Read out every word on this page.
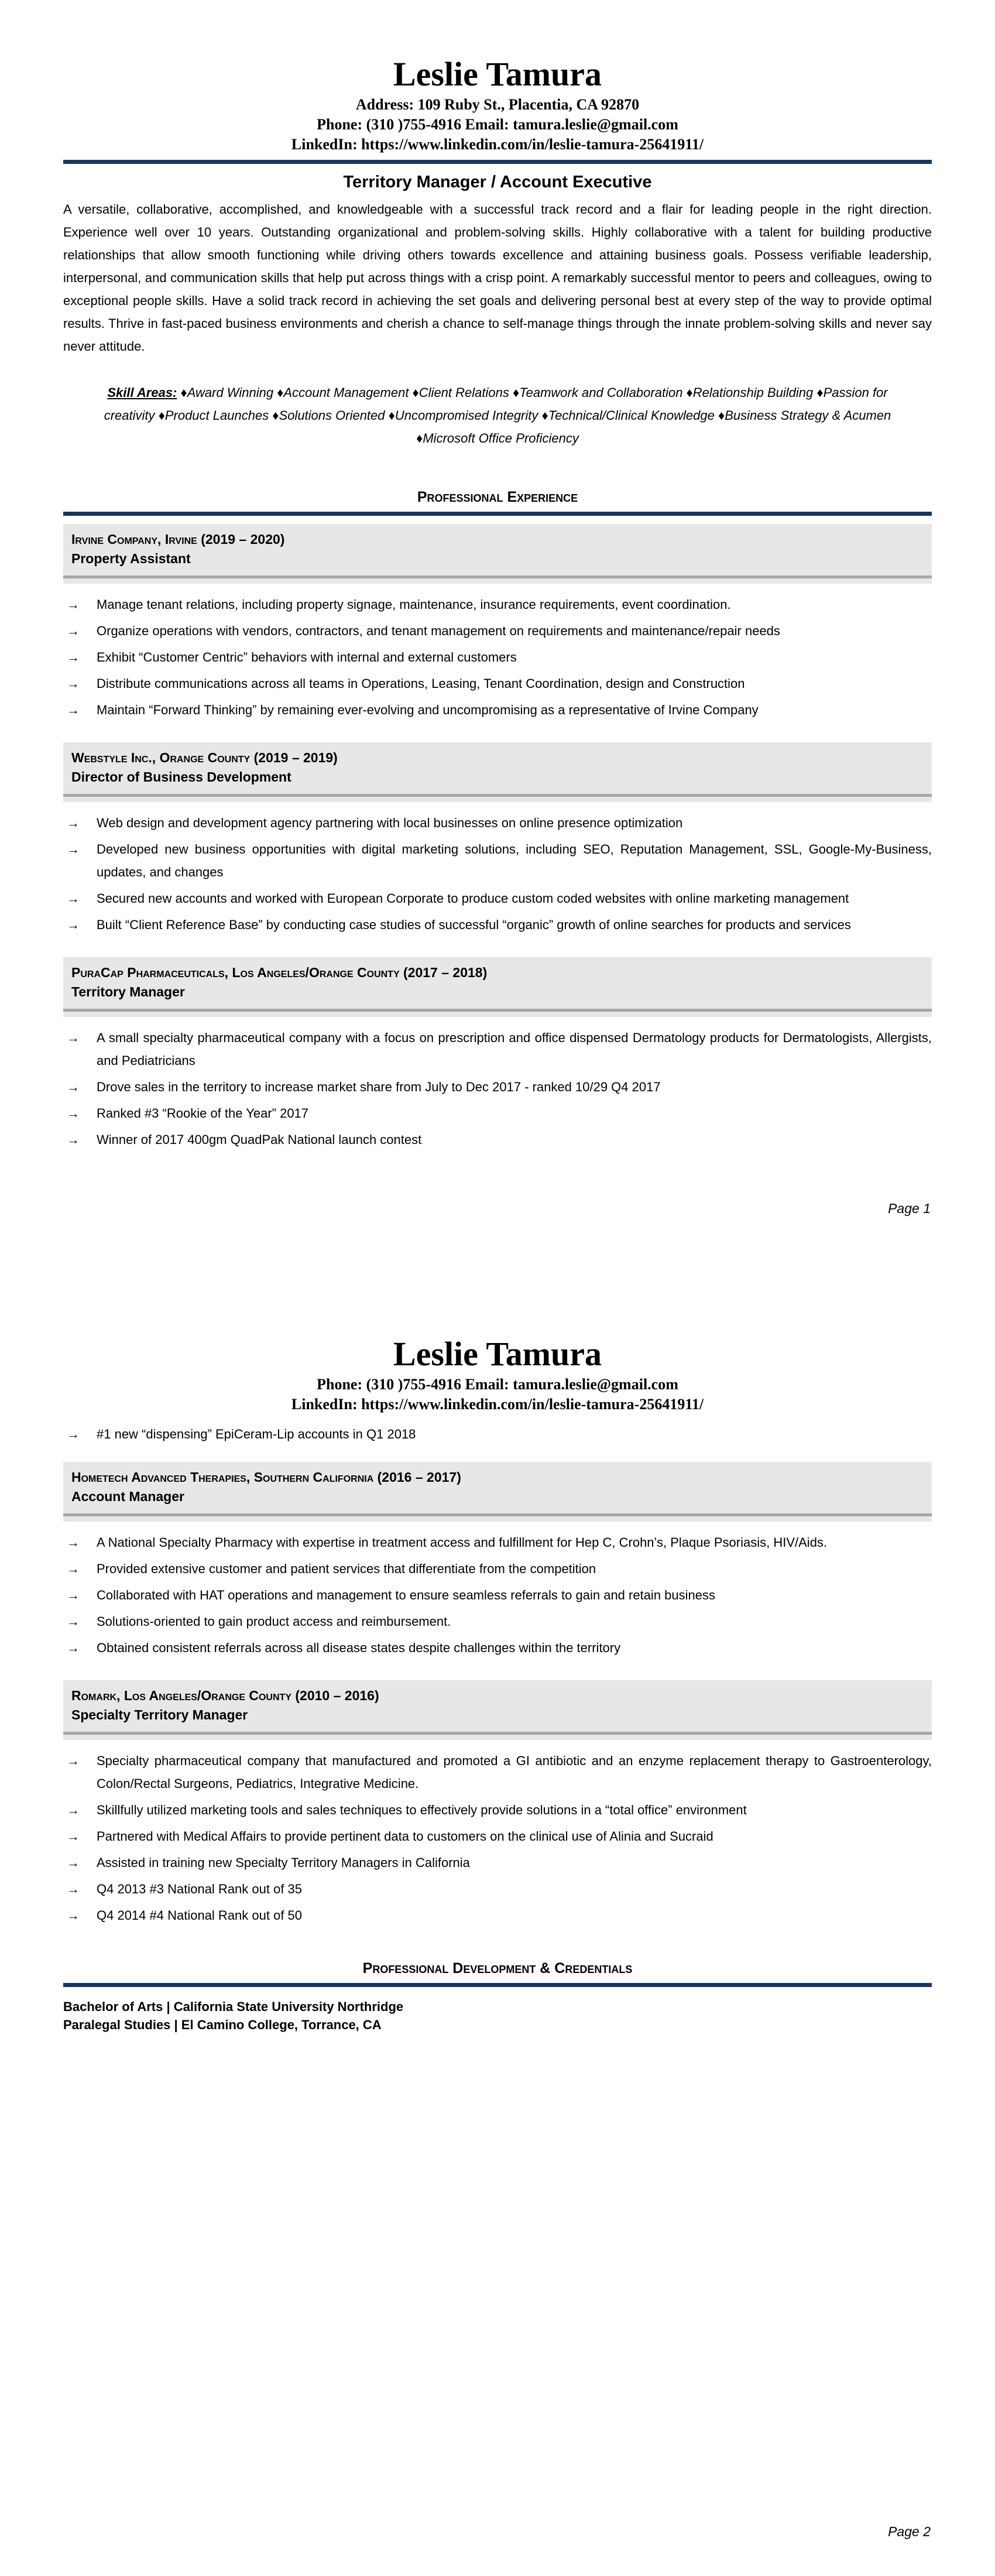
Leslie Tamura
Address: 109 Ruby St., Placentia, CA 92870
Phone: (310 )755-4916 Email: tamura.leslie@gmail.com
LinkedIn: https://www.linkedin.com/in/leslie-tamura-25641911/
Territory Manager / Account Executive
A versatile, collaborative, accomplished, and knowledgeable with a successful track record and a flair for leading people in the right direction. Experience well over 10 years. Outstanding organizational and problem-solving skills. Highly collaborative with a talent for building productive relationships that allow smooth functioning while driving others towards excellence and attaining business goals. Possess verifiable leadership, interpersonal, and communication skills that help put across things with a crisp point. A remarkably successful mentor to peers and colleagues, owing to exceptional people skills. Have a solid track record in achieving the set goals and delivering personal best at every step of the way to provide optimal results. Thrive in fast-paced business environments and cherish a chance to self-manage things through the innate problem-solving skills and never say never attitude.
Skill Areas: ♦Award Winning ♦Account Management ♦Client Relations ♦Teamwork and Collaboration ♦Relationship Building ♦Passion for creativity ♦Product Launches ♦Solutions Oriented ♦Uncompromised Integrity ♦Technical/Clinical Knowledge ♦Business Strategy & Acumen ♦Microsoft Office Proficiency
Professional Experience
Irvine Company, Irvine (2019 – 2020)
Property Assistant
→	Manage tenant relations, including property signage, maintenance, insurance requirements, event coordination.
→	Organize operations with vendors, contractors, and tenant management on requirements and maintenance/repair needs
→	Exhibit “Customer Centric” behaviors with internal and external customers
→	Distribute communications across all teams in Operations, Leasing, Tenant Coordination, design and Construction
→	Maintain “Forward Thinking” by remaining ever-evolving and uncompromising as a representative of Irvine Company
Webstyle Inc., Orange County (2019 – 2019)
Director of Business Development
→	Web design and development agency partnering with local businesses on online presence optimization
→	Developed new business opportunities with digital marketing solutions, including SEO, Reputation Management, SSL, Google-My-Business, updates, and changes
→	Secured new accounts and worked with European Corporate to produce custom coded websites with online marketing management
→	Built “Client Reference Base” by conducting case studies of successful “organic” growth of online searches for products and services
PuraCap Pharmaceuticals, Los Angeles/Orange County (2017 – 2018)
Territory Manager
→	A small specialty pharmaceutical company with a focus on prescription and office dispensed Dermatology products for Dermatologists, Allergists, and Pediatricians
→	Drove sales in the territory to increase market share from July to Dec 2017 - ranked 10/29 Q4 2017
→	Ranked #3 “Rookie of the Year” 2017
→	Winner of 2017 400gm QuadPak National launch contest
Page 1
Leslie Tamura
Phone: (310 )755-4916 Email: tamura.leslie@gmail.com
LinkedIn: https://www.linkedin.com/in/leslie-tamura-25641911/
→	#1 new “dispensing” EpiCeram-Lip accounts in Q1 2018
Hometech Advanced Therapies, Southern California (2016 – 2017)
Account Manager
→	A National Specialty Pharmacy with expertise in treatment access and fulfillment for Hep C, Crohn’s, Plaque Psoriasis, HIV/Aids.
→	Provided extensive customer and patient services that differentiate from the competition
→	Collaborated with HAT operations and management to ensure seamless referrals to gain and retain business
→	Solutions-oriented to gain product access and reimbursement.
→	Obtained consistent referrals across all disease states despite challenges within the territory
Romark, Los Angeles/Orange County (2010 – 2016)
Specialty Territory Manager
→	Specialty pharmaceutical company that manufactured and promoted a GI antibiotic and an enzyme replacement therapy to Gastroenterology, Colon/Rectal Surgeons, Pediatrics, Integrative Medicine.
→	Skillfully utilized marketing tools and sales techniques to effectively provide solutions in a “total office” environment
→	Partnered with Medical Affairs to provide pertinent data to customers on the clinical use of Alinia and Sucraid
→	Assisted in training new Specialty Territory Managers in California
→	Q4 2013 #3 National Rank out of 35
→	Q4 2014 #4 National Rank out of 50
Professional Development & Credentials
Bachelor of Arts | California State University Northridge
Paralegal Studies | El Camino College, Torrance, CA
Page 2
